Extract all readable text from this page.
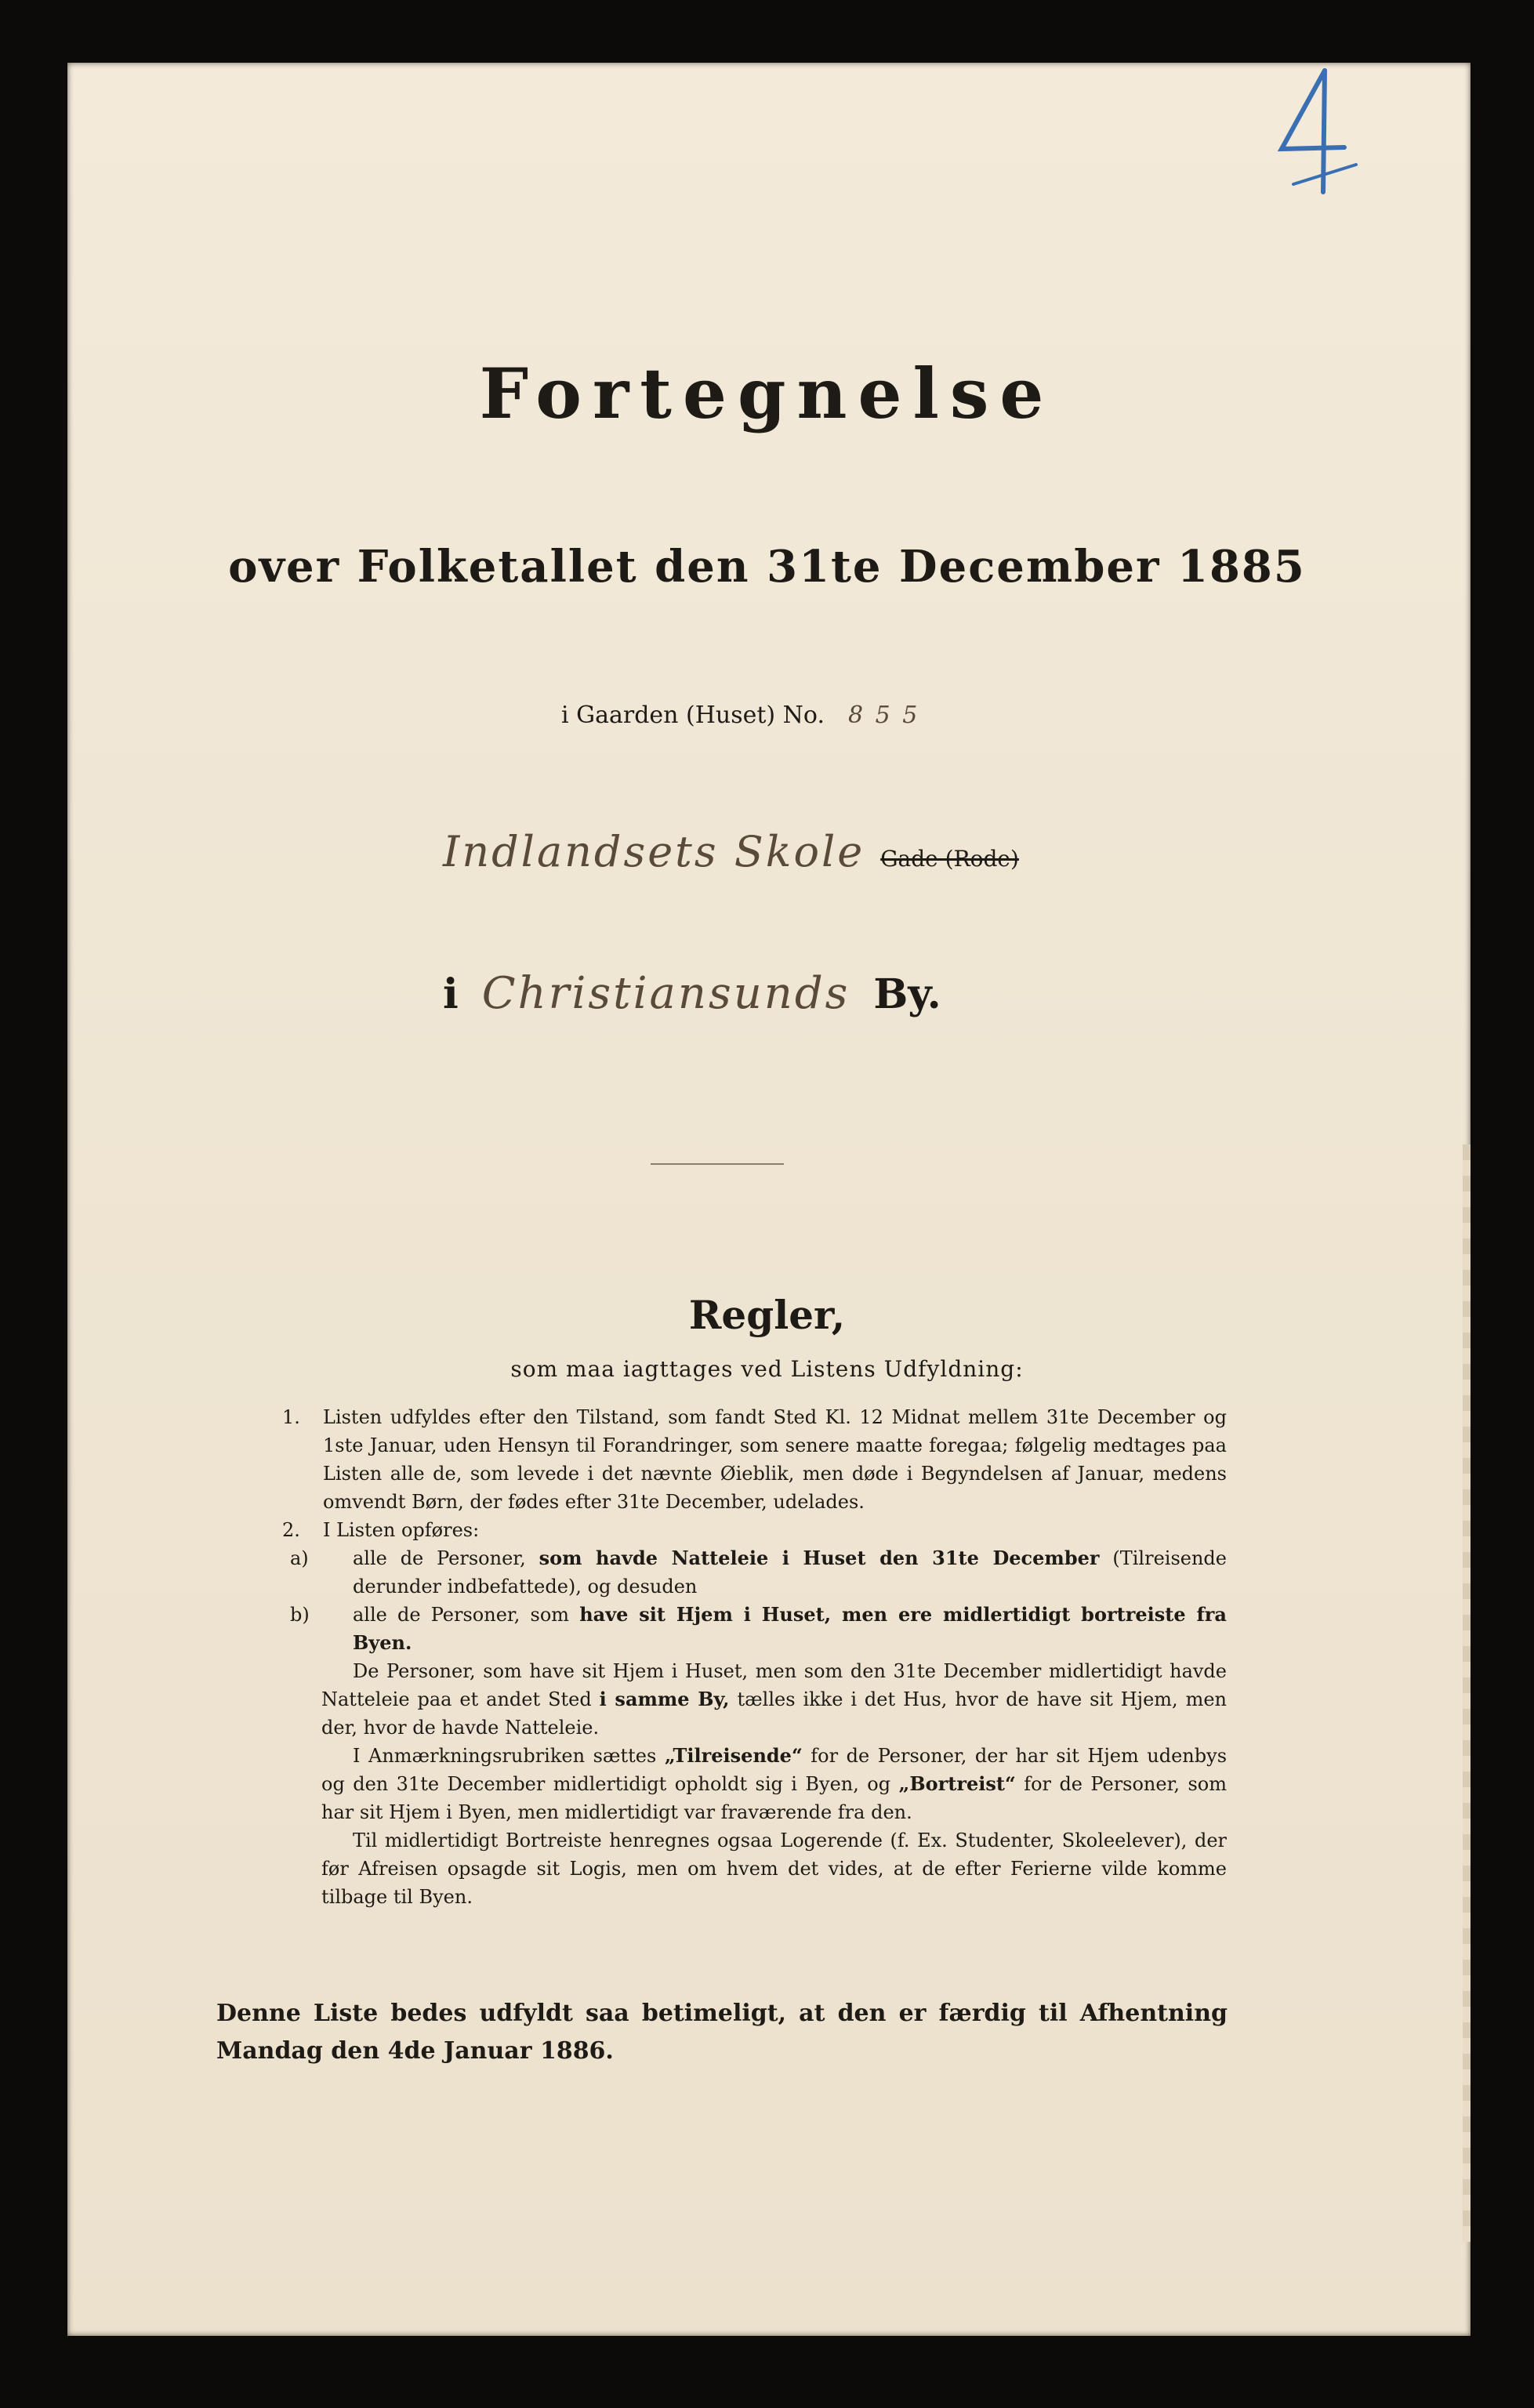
Fortegnelse
over Folketallet den 31te December 1885
i Gaarden (Huset) No. 8 5 5
Indlandsets Skole Gade (Rode)
i Christiansunds By.
Regler,
som maa iagttages ved Listens Udfyldning:
1. Listen udfyldes efter den Tilstand, som fandt Sted Kl. 12 Midnat mellem 31te December og 1ste Januar, uden Hensyn til Forandringer, som senere maatte foregaa; følgelig medtages paa Listen alle de, som levede i det nævnte Øieblik, men døde i Begyndelsen af Januar, medens omvendt Børn, der fødes efter 31te December, udelades.
2. I Listen opføres:
a)	alle de Personer, som havde Natteleie i Huset den 31te December (Tilreisende derunder indbefattede), og desuden
b)	alle de Personer, som have sit Hjem i Huset, men ere midlertidigt bortreiste fra Byen.
De Personer, som have sit Hjem i Huset, men som den 31te December midlertidigt havde Natteleie paa et andet Sted i samme By, tælles ikke i det Hus, hvor de have sit Hjem, men der, hvor de havde Natteleie.
I Anmærkningsrubriken sættes „Tilreisende“ for de Personer, der har sit Hjem udenbys og den 31te December midlertidigt opholdt sig i Byen, og „Bortreist“ for de Personer, som har sit Hjem i Byen, men midlertidigt var fraværende fra den.
Til midlertidigt Bortreiste henregnes ogsaa Logerende (f. Ex. Studenter, Skoleelever), der før Afreisen opsagde sit Logis, men om hvem det vides, at de efter Ferierne vilde komme tilbage til Byen.
Denne Liste bedes udfyldt saa betimeligt, at den er færdig til Afhentning Mandag den 4de Januar 1886.
